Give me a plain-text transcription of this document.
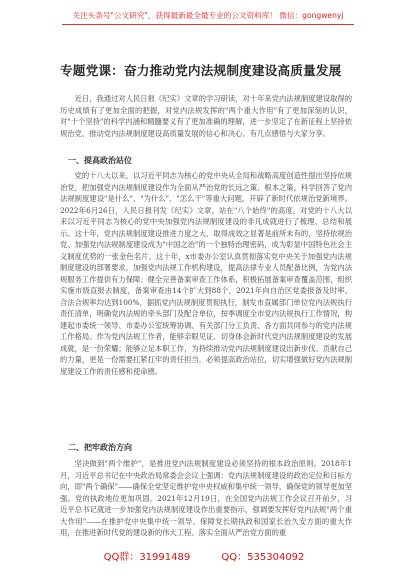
关注头条号"公文研究"，获得最新最全最专业的公文资料库！ 微信：gongwenyj
专题党课：奋力推动党内法规制度建设高质量发展

近日，我通过对人民日报《纪实》文章的学习研读，对十年来党内法规制度建设取得的历史成绩有了更加全面的把握，对党内法规发挥的"两个重大作用"有了更加深刻的认识，对"十个坚持"的科学内涵和精髓要义有了更加准确的理解，进一步坚定了在新征程上坚持依规治党、推动党内法规制度建设高质量发展的信心和决心。有几点感悟与大家分享。

一、提高政治站位

党的十八大以来，以习近平同志为核心的党中央从全局和战略高度创造性提出坚持依规治党，把加强党内法规制度建设作为全面从严治党的长远之策、根本之策，科学回答了党内法规制度建设"是什么"、"为什么"、"怎么干"等重大问题，开辟了新时代依规治党新境界。2022年6月26日，人民日报刊发《纪实》文章，站在"八个始终"的高度，对党的十八大以来以习近平同志为核心的党中央加强党内法规制度建设的非凡成就进行了梳理、总结和展示。这十年，党内法规制度建设推进力度之大、取得成效之显著是前所未有的，坚持依规治党、加强党内法规制度建设成为"中国之治"的一个独特治理密码，成为彰显中国特色社会主义制度优势的一张金色名片。这十年，x市委办公室认真贯彻落实党中央关于加强党内法规制度建设的部署要求，加强党内法规工作机构建设，提高法律专业人员配备比例，为党内法规服务工作提供有力保障；健全完善备案审查工作体系，积极拓展备案审查覆盖范围，组织实施市级直报去制度，备案审查由14个扩大到88个，2021年向自治区党委报备及时率、合法合规率均达到100%，据抓党内法规制度贯彻执行，制发市直属部门单位党内法规执行责任清单，明确党内法规的牵头部门及配合单位，按季调度全市党内法规执行工作情况，构建起市委统一领导、市委办公室统筹协调、有关部门分工负责、各方面共同参与的党内法规工作格局。作为党内法规工作者，能够亲眼见证、切身体会新时代党内法规制度建设的发展成就，是一份荣耀；能够立足本职工作，为持续推动党内法规制度建设出新步伐、贡献自己的力量，更是一份需要扛紧扛牢的责任担当，必须提高政治站位，切实增强做好党内法规制度建设工作的责任感和使命感。

二、把牢政治方向

坚决做到"两个维护"，是推进党内法规制度建设必须坚持的根本政治原则。2018年1月，习近平总书记在中央政治局常委会会议上强调：党内法规制度建设的政治定位和目标方向，即"两个确保"——确保全党坚定维护党中央权威和集中统一领导，确保党的领导更加坚强。党的执政地位更加巩固。2021年12月19日，在全国党内法规工作会议召开前夕，习近平总书记就进一步加强党内法规制度建设作出重要指示，强调要发挥好党内法规"两个重大作用"——在推护党中央集中统一领导、保障党长期执政和国家长治久安方面的重大作用，在推进新时代党的建设新的伟大工程、落实全面从严治党方面的重

QQ群：31991489	QQ：535304092
